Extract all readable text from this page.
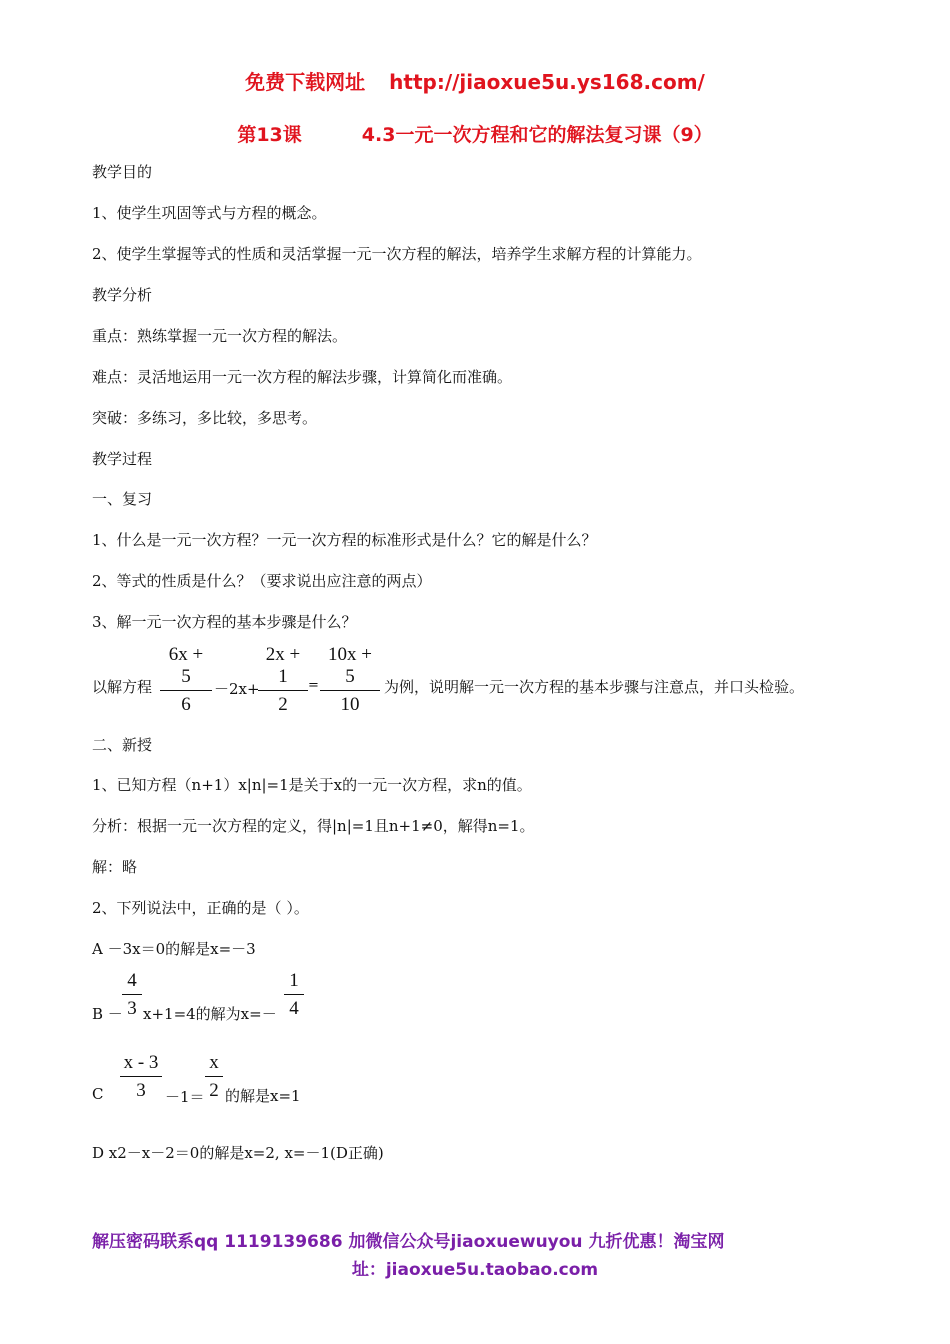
免费下载网址 http://jiaoxue5u.ys168.com/
第13课	4.3一元一次方程和它的解法复习课（9）
教学目的
1、使学生巩固等式与方程的概念。
2、使学生掌握等式的性质和灵活掌握一元一次方程的解法，培养学生求解方程的计算能力。
教学分析
重点：熟练掌握一元一次方程的解法。
难点：灵活地运用一元一次方程的解法步骤，计算简化而准确。
突破：多练习，多比较，多思考。
教学过程
一、复习
1、什么是一元一次方程？一元一次方程的标准形式是什么？它的解是什么？
2、等式的性质是什么？（要求说出应注意的两点）
3、解一元一次方程的基本步骤是什么？
以解方程 $\frac{6x + 5}{6} -2x+$
$\frac{2x + 1}{2} = \frac{10x + 5}{10}$ 为例，说明解一元一次方程的基本步骤与注意点，并口头检验。
二、新授
1、已知方程（n+1）x|n|=1是关于x的一元一次方程，求n的值。
分析：根据一元一次方程的定义，得|n|=1且n+1≠0，解得n=1。
解：略
2、下列说法中，正确的是（ ）。
A －3x＝0的解是x=－3
$B - \frac{4}{3} x+1=4$的解为$x=- \frac{1}{4}$
C $\frac{x - 3}{3} -1= \frac{x}{2}$ 的解是x=1
D x2－x－2＝0的解是x=2, x=－1(D正确)
解压密码联系qq 1119139686 加微信公众号jiaoxuewuyou 九折优惠！淘宝网
址：jiaoxue5u.taobao.com
